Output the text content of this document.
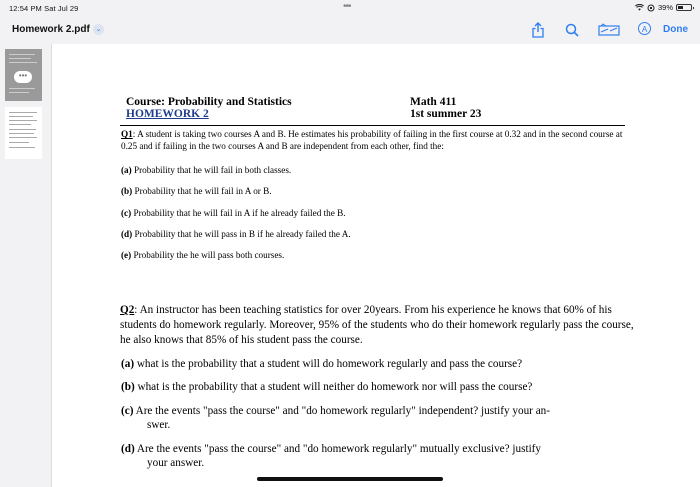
12:54 PM Sat Jul 29	•••	39%
Homework 2.pdf ⌄	A	Done
•••
Course: Probability and Statistics
HOMEWORK 2
Math 411
1st summer 23
Q1: A student is taking two courses A and B. He estimates his probability of failing in the first course at 0.32 and in the second course at 0.25 and if failing in the two courses A and B are independent from each other, find the:
(a) Probability that he will fail in both classes.
(b) Probability that he will fail in A or B.
(c) Probability that he will fail in A if he already failed the B.
(d) Probability that he will pass in B if he already failed the A.
(e) Probability the he will pass both courses.
Q2: An instructor has been teaching statistics for over 20years. From his experience he knows that 60% of his students do homework regularly. Moreover, 95% of the students who do their homework regularly pass the course, he also knows that 85% of his student pass the course.
(a) what is the probability that a student will do homework regularly and pass the course?
(b) what is the probability that a student will neither do homework nor will pass the course?
(c) Are the events "pass the course" and "do homework regularly" independent? justify your an-
swer.
(d) Are the events "pass the course" and "do homework regularly" mutually exclusive? justify
your answer.
